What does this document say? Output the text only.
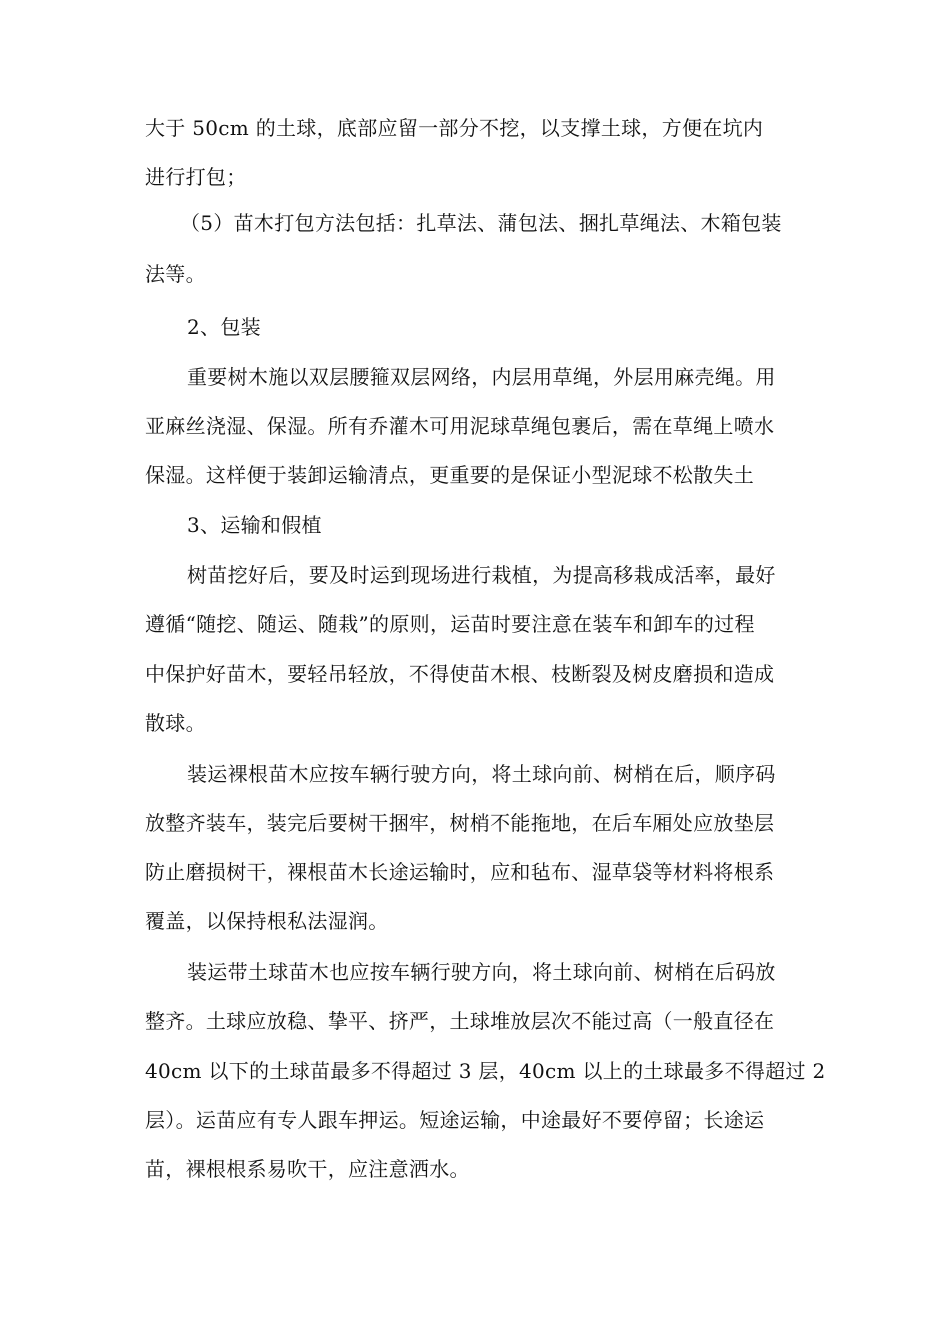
大于 50cm 的土球，底部应留一部分不挖，以支撑土球，方便在坑内
进行打包；
（5）苗木打包方法包括：扎草法、蒲包法、捆扎草绳法、木箱包装
法等。
2、包装
重要树木施以双层腰箍双层网络，内层用草绳，外层用麻壳绳。用
亚麻丝浇湿、保湿。所有乔灌木可用泥球草绳包裹后，需在草绳上喷水
保湿。这样便于装卸运输清点，更重要的是保证小型泥球不松散失土
3、运输和假植
树苗挖好后，要及时运到现场进行栽植，为提高移栽成活率，最好
遵循“随挖、随运、随栽”的原则，运苗时要注意在装车和卸车的过程
中保护好苗木，要轻吊轻放，不得使苗木根、枝断裂及树皮磨损和造成
散球。
装运裸根苗木应按车辆行驶方向，将土球向前、树梢在后，顺序码
放整齐装车，装完后要树干捆牢，树梢不能拖地，在后车厢处应放垫层
防止磨损树干，裸根苗木长途运输时，应和毡布、湿草袋等材料将根系
覆盖，以保持根私法湿润。
装运带土球苗木也应按车辆行驶方向，将土球向前、树梢在后码放
整齐。土球应放稳、挚平、挤严，土球堆放层次不能过高（一般直径在
40cm 以下的土球苗最多不得超过 3 层，40cm 以上的土球最多不得超过 2
层）。运苗应有专人跟车押运。短途运输，中途最好不要停留；长途运
苗，裸根根系易吹干，应注意洒水。
